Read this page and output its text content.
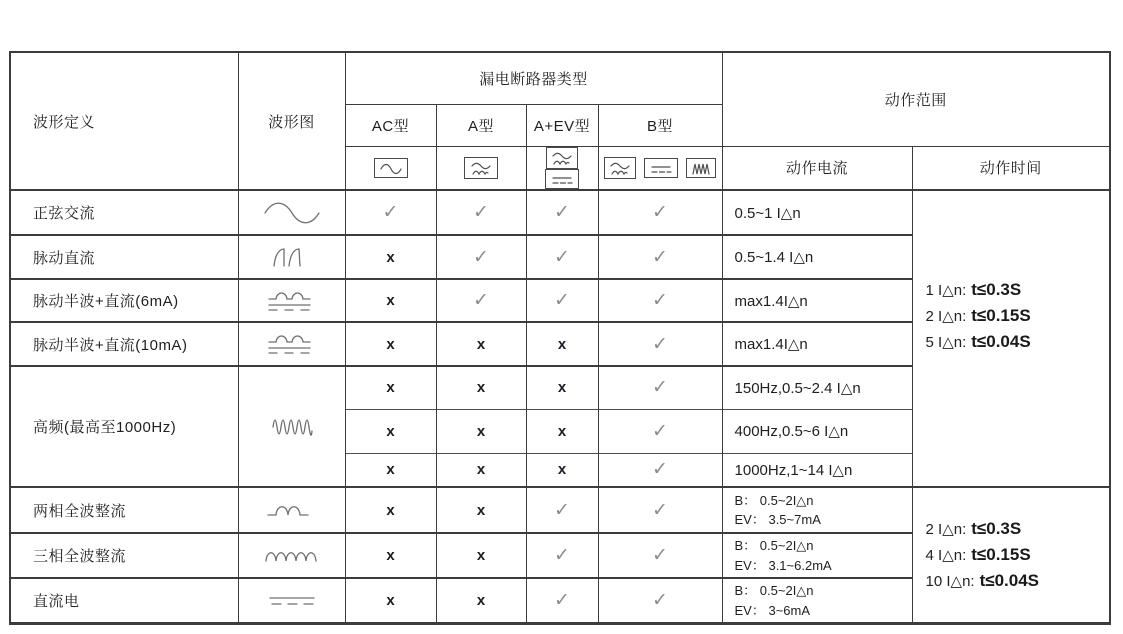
波形定义	波形图	漏电断路器类型				动作范围	
		AC型	A型	A+EV型	B型		
				动作电流	动作时间
正弦交流		✓	✓	✓	✓	0.5~1 I△n	1 I△n: t≤0.3S
2 I△n: t≤0.15S
5 I△n: t≤0.04S

脉动直流		x	✓	✓	✓	0.5~1.4 I△n	
脉动半波+直流(6mA)		x	✓	✓	✓	max1.4I△n	
脉动半波+直流(10mA)		x	x	x	✓	max1.4I△n	
高频(最高至1000Hz)		x	x	x	✓	150Hz,0.5~2.4 I△n	
		x	x	x	✓	400Hz,0.5~6 I△n	
		x	x	x	✓	1000Hz,1~14 I△n	
两相全波整流		x	x	✓	✓	B： 0.5~2I△n
EV： 3.5~7mA

2 I△n: t≤0.3S
4 I△n: t≤0.15S
10 I△n: t≤0.04S

三相全波整流		x	x	✓	✓	B： 0.5~2I△n
EV： 3.1~6.2mA	

直流电		x	x	✓	✓	B： 0.5~2I△n
EV： 3~6mA	
